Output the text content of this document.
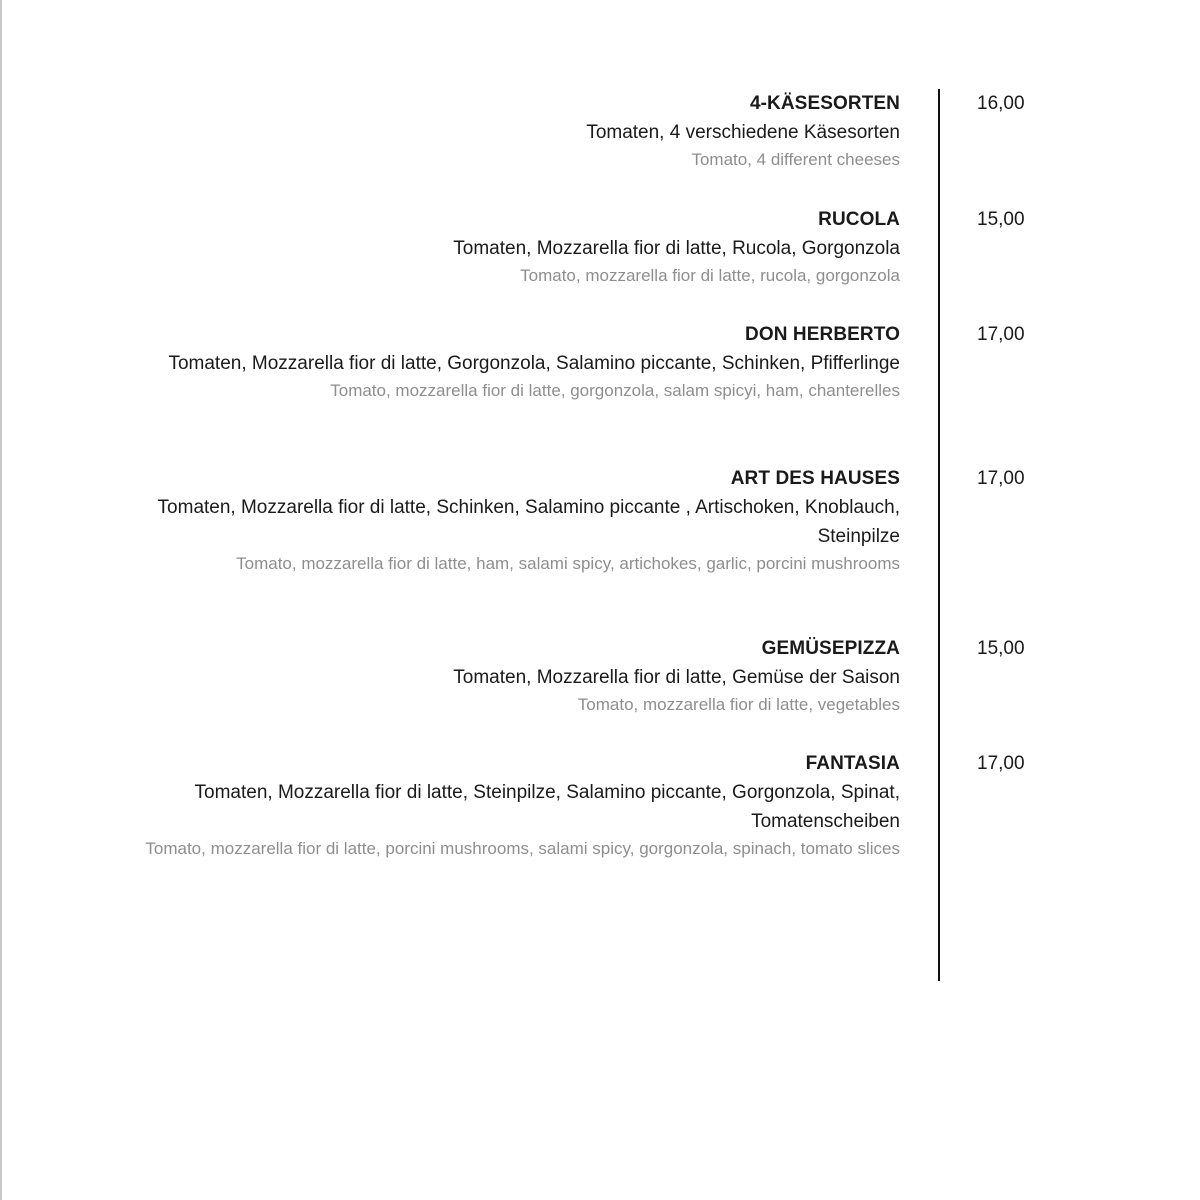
4-KÄSESORTEN
Tomaten, 4 verschiedene Käsesorten
Tomato, 4 different cheeses
16,00
RUCOLA
Tomaten, Mozzarella fior di latte, Rucola, Gorgonzola
Tomato, mozzarella fior di latte, rucola, gorgonzola
15,00
DON HERBERTO
Tomaten, Mozzarella fior di latte, Gorgonzola, Salamino piccante, Schinken, Pfifferlinge
Tomato, mozzarella fior di latte, gorgonzola, salam spicyi, ham, chanterelles
17,00
ART DES HAUSES
Tomaten, Mozzarella fior di latte, Schinken, Salamino piccante , Artischoken, Knoblauch, Steinpilze
Tomato, mozzarella fior di latte, ham, salami spicy, artichokes, garlic, porcini mushrooms
17,00
GEMÜSEPIZZA
Tomaten, Mozzarella fior di latte, Gemüse der Saison
Tomato, mozzarella fior di latte, vegetables
15,00
FANTASIA
Tomaten, Mozzarella fior di latte, Steinpilze, Salamino piccante, Gorgonzola, Spinat, Tomatenscheiben
Tomato, mozzarella fior di latte, porcini mushrooms, salami spicy, gorgonzola, spinach, tomato slices
17,00
